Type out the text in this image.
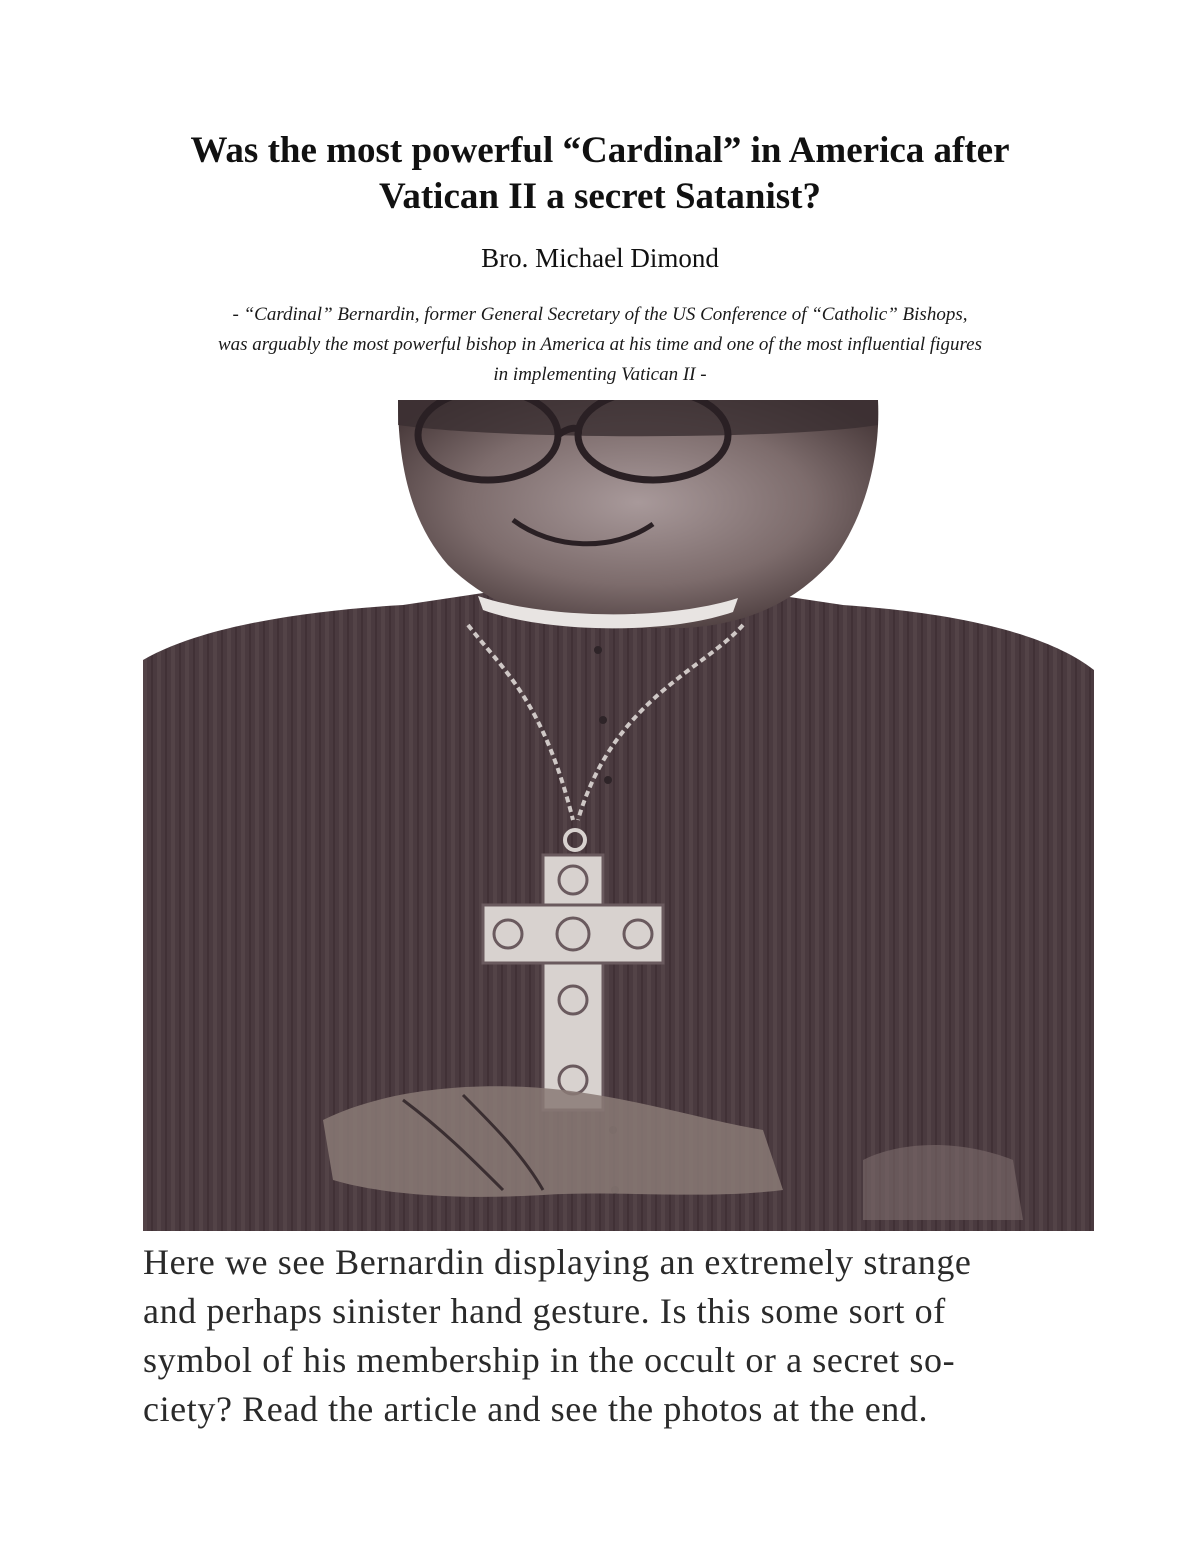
Was the most powerful “Cardinal” in America after
Vatican II a secret Satanist?
Bro. Michael Dimond
- “Cardinal” Bernardin, former General Secretary of the US Conference of “Catholic” Bishops,
was arguably the most powerful bishop in America at his time and one of the most influential figures
in implementing Vatican II -

Here we see Bernardin displaying an extremely strange

and perhaps sinister hand gesture. Is this some sort of

symbol of his membership in the occult or a secret so-

ciety? Read the article and see the photos at the end.
